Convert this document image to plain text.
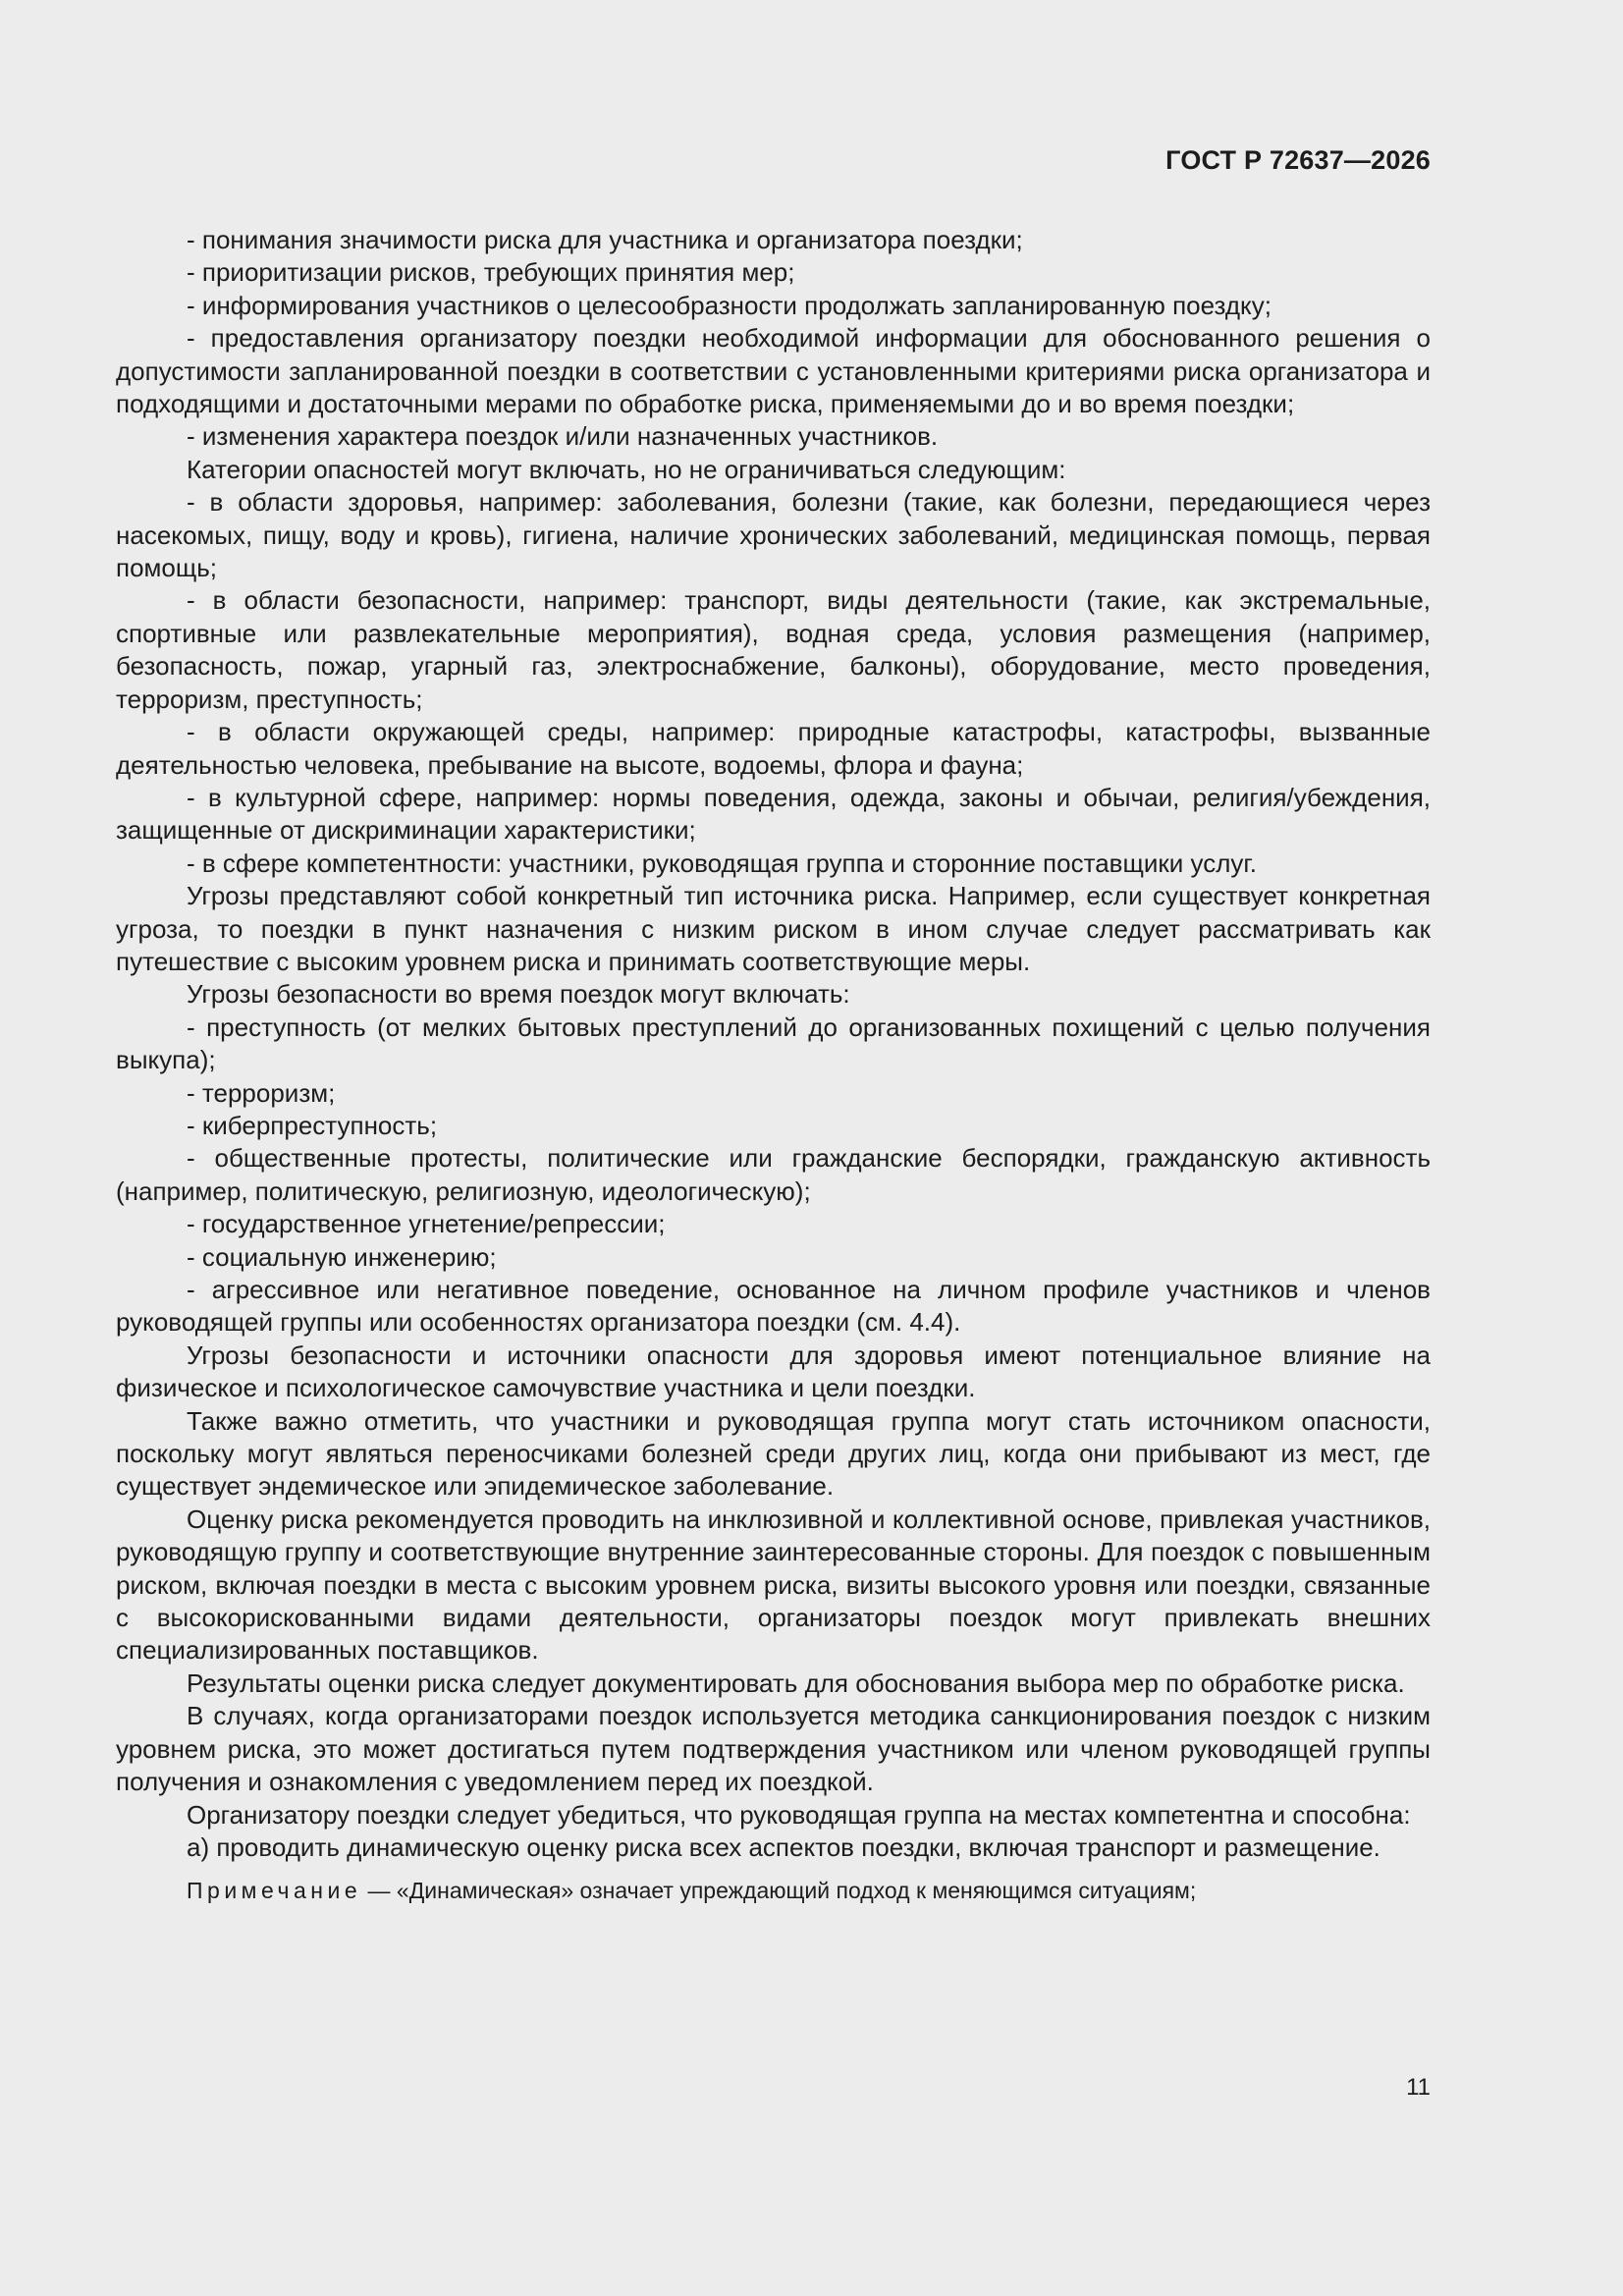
ГОСТ Р 72637—2026

- понимания значимости риска для участника и организатора поездки;

- приоритизации рисков, требующих принятия мер;

- информирования участников о целесообразности продолжать запланированную поездку;

- предоставления организатору поездки необходимой информации для обоснованного решения о допустимости запланированной поездки в соответствии с установленными критериями риска организатора и подходящими и достаточными мерами по обработке риска, применяемыми до и во время поездки;

- изменения характера поездок и/или назначенных участников.

Категории опасностей могут включать, но не ограничиваться следующим:

- в области здоровья, например: заболевания, болезни (такие, как болезни, передающиеся через насекомых, пищу, воду и кровь), гигиена, наличие хронических заболеваний, медицинская помощь, первая помощь;

- в области безопасности, например: транспорт, виды деятельности (такие, как экстремальные, спортивные или развлекательные мероприятия), водная среда, условия размещения (например, безопасность, пожар, угарный газ, электроснабжение, балконы), оборудование, место проведения, терроризм, преступность;

- в области окружающей среды, например: природные катастрофы, катастрофы, вызванные деятельностью человека, пребывание на высоте, водоемы, флора и фауна;

- в культурной сфере, например: нормы поведения, одежда, законы и обычаи, религия/убеждения, защищенные от дискриминации характеристики;

- в сфере компетентности: участники, руководящая группа и сторонние поставщики услуг.

Угрозы представляют собой конкретный тип источника риска. Например, если существует конкретная угроза, то поездки в пункт назначения с низким риском в ином случае следует рассматривать как путешествие с высоким уровнем риска и принимать соответствующие меры.

Угрозы безопасности во время поездок могут включать:

- преступность (от мелких бытовых преступлений до организованных похищений с целью получения выкупа);

- терроризм;

- киберпреступность;

- общественные протесты, политические или гражданские беспорядки, гражданскую активность (например, политическую, религиозную, идеологическую);

- государственное угнетение/репрессии;

- социальную инженерию;

- агрессивное или негативное поведение, основанное на личном профиле участников и членов руководящей группы или особенностях организатора поездки (см. 4.4).

Угрозы безопасности и источники опасности для здоровья имеют потенциальное влияние на физическое и психологическое самочувствие участника и цели поездки.

Также важно отметить, что участники и руководящая группа могут стать источником опасности, поскольку могут являться переносчиками болезней среди других лиц, когда они прибывают из мест, где существует эндемическое или эпидемическое заболевание.

Оценку риска рекомендуется проводить на инклюзивной и коллективной основе, привлекая участников, руководящую группу и соответствующие внутренние заинтересованные стороны. Для поездок с повышенным риском, включая поездки в места с высоким уровнем риска, визиты высокого уровня или поездки, связанные с высокорискованными видами деятельности, организаторы поездок могут привлекать внешних специализированных поставщиков.

Результаты оценки риска следует документировать для обоснования выбора мер по обработке риска.

В случаях, когда организаторами поездок используется методика санкционирования поездок с низким уровнем риска, это может достигаться путем подтверждения участником или членом руководящей группы получения и ознакомления с уведомлением перед их поездкой.

Организатору поездки следует убедиться, что руководящая группа на местах компетентна и способна:

а) проводить динамическую оценку риска всех аспектов поездки, включая транспорт и размещение.

Примечание — «Динамическая» означает упреждающий подход к меняющимся ситуациям;

11
